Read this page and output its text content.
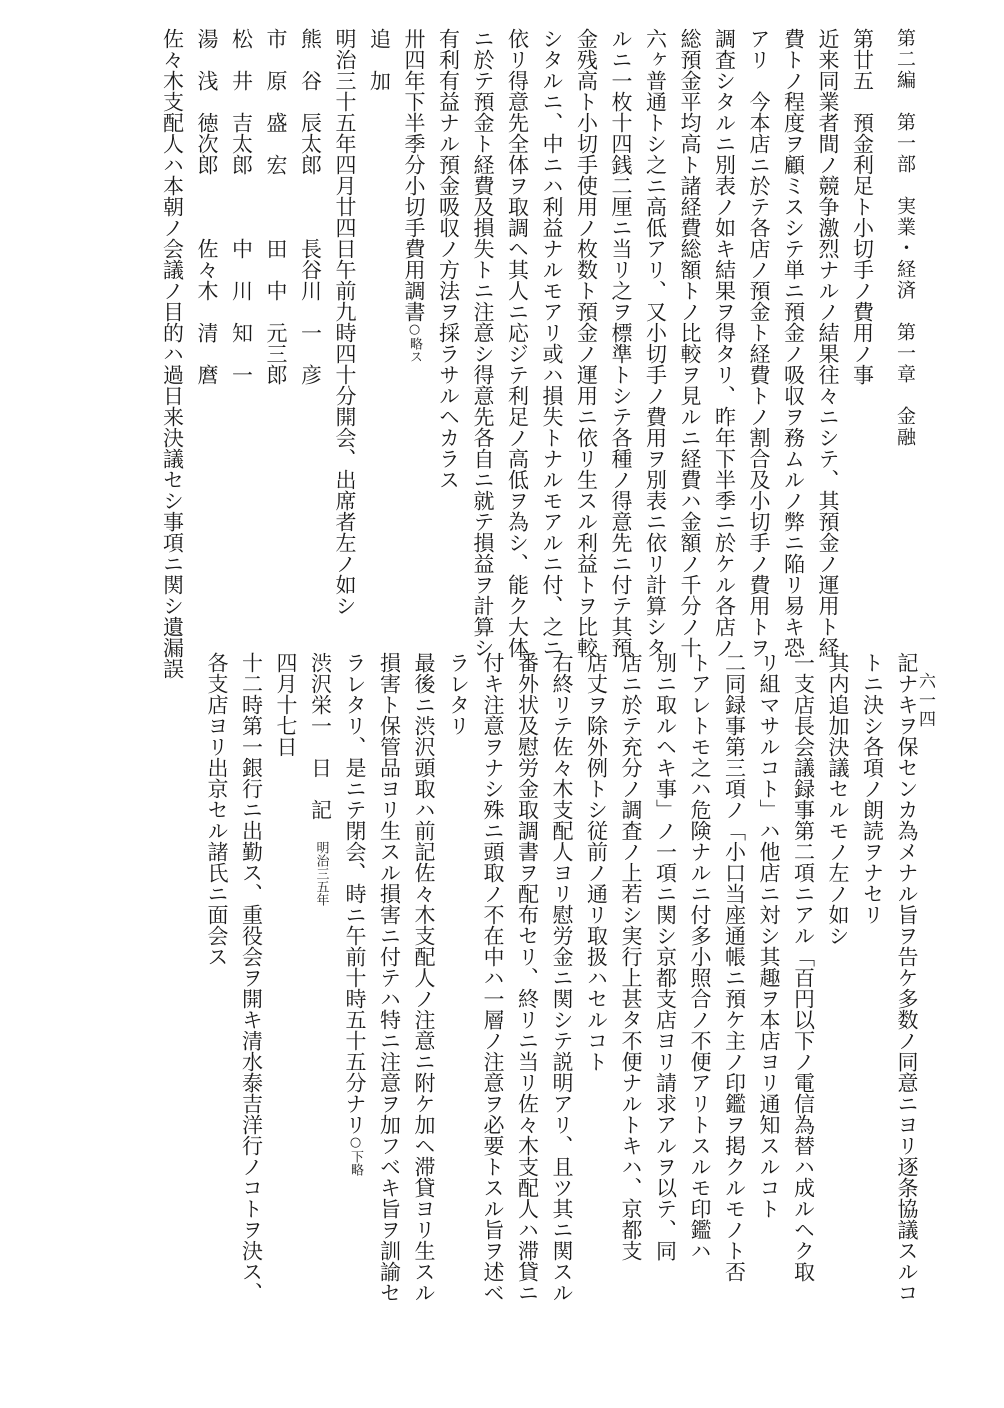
第二編　第一部　実業・経済　第一章　金融
第廿五　預金利足ト小切手ノ費用ノ事
近来同業者間ノ競争激烈ナルノ結果往々ニシテ、其預金ノ運用ト経
費トノ程度ヲ顧ミスシテ単ニ預金ノ吸収ヲ務ムルノ弊ニ陥リ易キ恐
アリ　今本店ニ於テ各店ノ預金ト経費トノ割合及小切手ノ費用トヲ
調査シタルニ別表ノ如キ結果ヲ得タリ、昨年下半季ニ於ケル各店ノ
総預金平均高ト諸経費総額トノ比較ヲ見ルニ経費ハ金額ノ千分ノ十
六ヶ普通トシ之ニ高低アリ、又小切手ノ費用ヲ別表ニ依リ計算シタ
ルニ一枚十四銭二厘ニ当リ之ヲ標準トシテ各種ノ得意先ニ付テ其預
金残高ト小切手使用ノ枚数ト預金ノ運用ニ依リ生スル利益トヲ比較
シタルニ、中ニハ利益ナルモアリ或ハ損失トナルモアルニ付、之ニ
依リ得意先全体ヲ取調ヘ其人ニ応ジテ利足ノ高低ヲ為シ、能ク大体
ニ於テ預金ト経費及損失トニ注意シ得意先各自ニ就テ損益ヲ計算シ
有利有益ナル預金吸収ノ方法ヲ採ラサルヘカラス
卅四年下半季分小切手費用調書○略ス
追　加
明治三十五年四月廿四日午前九時四十分開会、出席者左ノ如シ
熊　谷　辰太郎　　　長谷川　一　彦
市　原　盛　宏　　　田　中　元三郎
松　井　吉太郎　　　中　川　知　一
湯　浅　徳次郎　　　佐々木　清　麿
佐々木支配人ハ本朝ノ会議ノ目的ハ過日来決議セシ事項ニ関シ遺漏誤
六一四
記ナキヲ保センカ為メナル旨ヲ告ケ多数ノ同意ニヨリ逐条協議スルコ
トニ決シ各項ノ朗読ヲナセリ
其内追加決議セルモノ左ノ如シ
一支店長会議録事第二項ニアル「百円以下ノ電信為替ハ成ルヘク取
リ組マサルコト」ハ他店ニ対シ其趣ヲ本店ヨリ通知スルコト
二同録事第三項ノ「小口当座通帳ニ預ケ主ノ印鑑ヲ掲クルモノト否
トアレトモ之ハ危険ナルニ付多小照合ノ不便アリトスルモ印鑑ハ
別ニ取ルヘキ事」ノ一項ニ関シ京都支店ヨリ請求アルヲ以テ、同
店ニ於テ充分ノ調査ノ上若シ実行上甚タ不便ナルトキハ、京都支
店丈ヲ除外例トシ従前ノ通リ取扱ハセルコト
右終リテ佐々木支配人ヨリ慰労金ニ関シテ説明アリ、且ツ其ニ関スル
番外状及慰労金取調書ヲ配布セリ、終リニ当リ佐々木支配人ハ滞貸ニ
付キ注意ヲナシ殊ニ頭取ノ不在中ハ一層ノ注意ヲ必要トスル旨ヲ述ベ
ラレタリ
最後ニ渋沢頭取ハ前記佐々木支配人ノ注意ニ附ケ加ヘ滞貸ヨリ生スル
損害ト保管品ヨリ生スル損害ニ付テハ特ニ注意ヲ加フベキ旨ヲ訓諭セ
ラレタリ、是ニテ閉会、時ニ午前十時五十五分ナリ○下略
渋沢栄一　日　記　明治三五年
四月十七日
十二時第一銀行ニ出勤ス、重役会ヲ開キ清水泰吉洋行ノコトヲ決ス、
各支店ヨリ出京セル諸氏ニ面会ス
